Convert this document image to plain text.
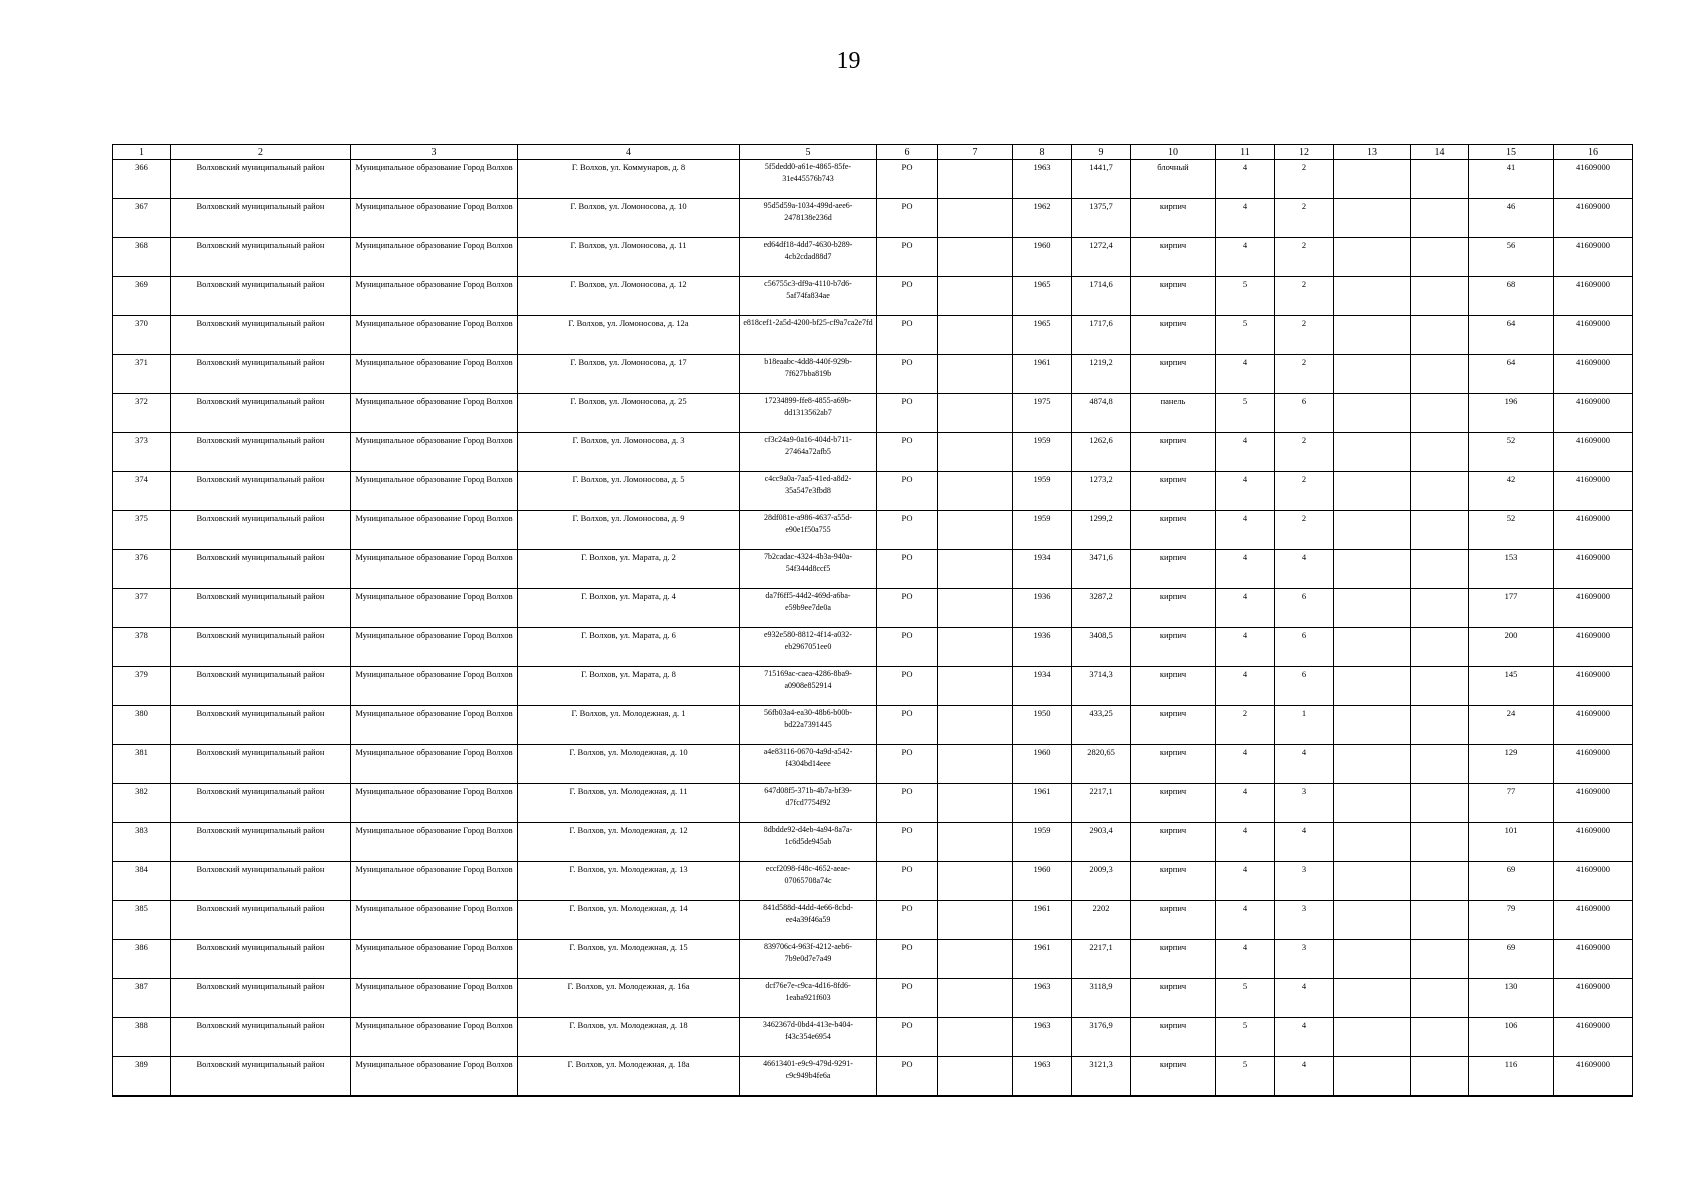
19
1	2	3	4	5	6	7	8	9	10	11	12	13	14	15	16
366	Волховский муниципальный район	Муниципальное образование Город Волхов	Г. Волхов, ул. Коммунаров, д. 8	5f5dedd0-a61e-4865-85fe-31e445576b743	РО		1963	1441,7	блочный	4	2			41	41609000
367	Волховский муниципальный район	Муниципальное образование Город Волхов	Г. Волхов, ул. Ломоносова, д. 10	95d5d59a-1034-499d-aee6-2478138e236d	РО		1962	1375,7	кирпич	4	2			46	41609000
368	Волховский муниципальный район	Муниципальное образование Город Волхов	Г. Волхов, ул. Ломоносова, д. 11	ed64df18-4dd7-4630-b289-4cb2cdad88d7	РО		1960	1272,4	кирпич	4	2			56	41609000
369	Волховский муниципальный район	Муниципальное образование Город Волхов	Г. Волхов, ул. Ломоносова, д. 12	c56755c3-df9a-4110-b7d6-5af74fa834ae	РО		1965	1714,6	кирпич	5	2			68	41609000
370	Волховский муниципальный район	Муниципальное образование Город Волхов	Г. Волхов, ул. Ломоносова, д. 12а	e818cef1-2a5d-4200-bf25-cf9a7ca2e7fd	РО		1965	1717,6	кирпич	5	2			64	41609000
371	Волховский муниципальный район	Муниципальное образование Город Волхов	Г. Волхов, ул. Ломоносова, д. 17	b18eaabc-4dd8-440f-929b-7f627bba819b	РО		1961	1219,2	кирпич	4	2			64	41609000
372	Волховский муниципальный район	Муниципальное образование Город Волхов	Г. Волхов, ул. Ломоносова, д. 25	17234899-ffe8-4855-a69b-dd1313562ab7	РО		1975	4874,8	панель	5	6			196	41609000
373	Волховский муниципальный район	Муниципальное образование Город Волхов	Г. Волхов, ул. Ломоносова, д. 3	cf3c24a9-0a16-404d-b711-27464a72afb5	РО		1959	1262,6	кирпич	4	2			52	41609000
374	Волховский муниципальный район	Муниципальное образование Город Волхов	Г. Волхов, ул. Ломоносова, д. 5	c4cc9a0a-7aa5-41ed-a8d2-35a547e3fbd8	РО		1959	1273,2	кирпич	4	2			42	41609000
375	Волховский муниципальный район	Муниципальное образование Город Волхов	Г. Волхов, ул. Ломоносова, д. 9	28df081e-a986-4637-a55d-e90e1f50a755	РО		1959	1299,2	кирпич	4	2			52	41609000
376	Волховский муниципальный район	Муниципальное образование Город Волхов	Г. Волхов, ул. Марата, д. 2	7b2cadac-4324-4b3a-940a-54f344d8ccf5	РО		1934	3471,6	кирпич	4	4			153	41609000
377	Волховский муниципальный район	Муниципальное образование Город Волхов	Г. Волхов, ул. Марата, д. 4	da7f6ff5-44d2-469d-a6ba-e59b9ee7de0a	РО		1936	3287,2	кирпич	4	6			177	41609000
378	Волховский муниципальный район	Муниципальное образование Город Волхов	Г. Волхов, ул. Марата, д. 6	e932e580-8812-4f14-a032-eb2967051ee0	РО		1936	3408,5	кирпич	4	6			200	41609000
379	Волховский муниципальный район	Муниципальное образование Город Волхов	Г. Волхов, ул. Марата, д. 8	715169ac-caea-4286-8ba9-a0908e852914	РО		1934	3714,3	кирпич	4	6			145	41609000
380	Волховский муниципальный район	Муниципальное образование Город Волхов	Г. Волхов, ул. Молодежная, д. 1	56fb03a4-ea30-48b6-b00b-bd22a7391445	РО		1950	433,25	кирпич	2	1			24	41609000
381	Волховский муниципальный район	Муниципальное образование Город Волхов	Г. Волхов, ул. Молодежная, д. 10	a4e83116-0670-4a9d-a542-f4304bd14eee	РО		1960	2820,65	кирпич	4	4			129	41609000
382	Волховский муниципальный район	Муниципальное образование Город Волхов	Г. Волхов, ул. Молодежная, д. 11	647d08f5-371b-4b7a-bf39-d7fcd7754f92	РО		1961	2217,1	кирпич	4	3			77	41609000
383	Волховский муниципальный район	Муниципальное образование Город Волхов	Г. Волхов, ул. Молодежная, д. 12	8dbdde92-d4eb-4a94-8a7a-1c6d5de945ab	РО		1959	2903,4	кирпич	4	4			101	41609000
384	Волховский муниципальный район	Муниципальное образование Город Волхов	Г. Волхов, ул. Молодежная, д. 13	eccf2098-f48c-4652-aeae-07065708a74c	РО		1960	2009,3	кирпич	4	3			69	41609000
385	Волховский муниципальный район	Муниципальное образование Город Волхов	Г. Волхов, ул. Молодежная, д. 14	841d588d-44dd-4e66-8cbd-ee4a39f46a59	РО		1961	2202	кирпич	4	3			79	41609000
386	Волховский муниципальный район	Муниципальное образование Город Волхов	Г. Волхов, ул. Молодежная, д. 15	839706c4-963f-4212-aeb6-7b9e0d7e7a49	РО		1961	2217,1	кирпич	4	3			69	41609000
387	Волховский муниципальный район	Муниципальное образование Город Волхов	Г. Волхов, ул. Молодежная, д. 16а	dcf76e7e-c9ca-4d16-8fd6-1eaba921f603	РО		1963	3118,9	кирпич	5	4			130	41609000
388	Волховский муниципальный район	Муниципальное образование Город Волхов	Г. Волхов, ул. Молодежная, д. 18	3462367d-0bd4-413e-b404-f43c354e6954	РО		1963	3176,9	кирпич	5	4			106	41609000
389	Волховский муниципальный район	Муниципальное образование Город Волхов	Г. Волхов, ул. Молодежная, д. 18а	46613401-e9c9-479d-9291-c9c949b4fe6a	РО		1963	3121,3	кирпич	5	4			116	41609000
